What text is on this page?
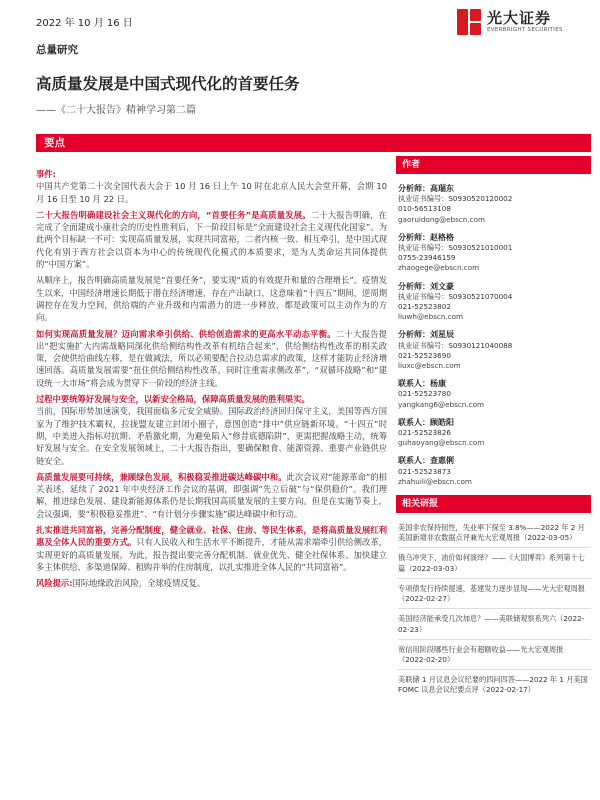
2022 年 10 月 16 日	光大证券
EVERBRIGHT SECURITIES
总量研究
高质量发展是中国式现代化的首要任务
——《二十大报告》精神学习第二篇
要点

事件:
中国共产党第二十次全国代表大会于 10 月 16 日上午 10 时在北京人民大会堂开幕，会期 10 月 16 日至 10 月 22 日。

二十大报告明确建设社会主义现代化的方向，“首要任务”是高质量发展。二十大报告明确，在完成了全面建成小康社会的历史性胜利后，下一阶段目标是“全面建设社会主义现代化国家”。为此两个目标缺一不可：实现高质量发展，实现共同富裕，二者内核一致、相互牵引，是中国式现代化有别于西方社会以资本为中心的传统现代化模式的本质要求，是为人类命运共同体提供的“中国方案”。

从顺序上，报告明确高质量发展是“首要任务”，要实现“质的有效提升和量的合理增长”。疫情发生以来，中国经济增速长期低于潜在经济增速，存在产出缺口，这意味着“十四五”期间，逆周期调控存在发力空间，供给端的产业升级和内需潜力的进一步释放，都是政策可以主动作为的方向。

如何实现高质量发展？迈向需求牵引供给、供给创造需求的更高水平动态平衡。二十大报告提出“把实施扩大内需战略同深化供给侧结构性改革有机结合起来”，供给侧结构性改革的相关政策，会使供给曲线左移，是在做减法，所以必须要配合拉动总需求的政策，这样才能防止经济增速回落。高质量发展需要“扭住供给侧结构性改革，同时注重需求侧改革”，“双循环战略”和“建设统一大市场”将会成为贯穿下一阶段的经济主线。

过程中要统筹好发展与安全，以新安全格局，保障高质量发展的胜利果实。
当前，国际形势加速演变，我国面临多元安全威胁。国际政治经济回归保守主义，美国等西方国家为了维护技术霸权，拉拢盟友建立封闭小圈子，意图创造“排中”供应链新环境。“十四五”时期，中美进入指标对抗期、矛盾激化期，为避免陷入“修昔底德陷阱”，更需把握战略主动，统筹好发展与安全。在安全发展领域上，二十大报告指出，要确保粮食、能源资源、重要产业链供应链安全。

高质量发展要可持续，兼顾绿色发展，积极稳妥推进碳达峰碳中和。此次会议对“能源革命”的相关表述，延续了 2021 年中央经济工作会议的基调，即强调“先立后破”与“保供稳价”。我们理解，推进绿色发展、建设新能源体系仍是长期我国高质量发展的主要方向。但是在实施节奏上，会议强调，要“积极稳妥推进”、“有计划分步骤实施”碳达峰碳中和行动。

扎实推进共同富裕，完善分配制度，健全就业、社保、住房、等民生体系，是将高质量发展红利惠及全体人民的重要方式。只有人民收入和生活水平不断提升，才能从需求端牵引供给侧改革，实现更好的高质量发展。为此，报告提出要完善分配机制、就业优先、健全社保体系、加快建立多主体供给、多渠道保障、租购并举的住房制度，以扎实推进全体人民的“共同富裕”。

风险提示:国际地缘政治风险，全球疫情反复。

作者
分析师：高瑞东
执业证书编号：S0930520120002
010-56513108
gaoruidong@ebscn.com
分析师：赵格格
执业证书编号：S0930521010001
0755-23946159
zhaogege@ebscn.com
分析师：刘文豪
执业证书编号：S0930521070004
021-52523802
liuwh@ebscn.com
分析师：刘星辰
执业证书编号：S0930121040088
021-52523690
liuxc@ebscn.com
联系人：杨康
021-52523780
yangkang6@ebscn.com
联系人：顾皓阳
021-52523826
guhaoyang@ebscn.com
联系人：查惠俐
021-52523873
zhahuili@ebscn.com
相关研报
美国非农保持韧性，失业率下探至 3.8%——2022 年 2 月美国新增非农数据点评兼光大宏观周报（2022-03-05）
俄乌冲突下，油价如何演绎？——《大国博弈》系列第十七篇（2022-03-03）
专项债发行持续提速，基建发力逐步显现——光大宏观周报（2022-02-27）
美国经济能承受几次加息？——美联储观察系列六（2022-02-23）
宽信用阶段哪些行业会有超额收益——光大宏观周报（2022-02-20）
美联储 1 月议息会议纪要的四问四答——2022 年 1 月美国 FOMC 议息会议纪要点评（2022-02-17）
